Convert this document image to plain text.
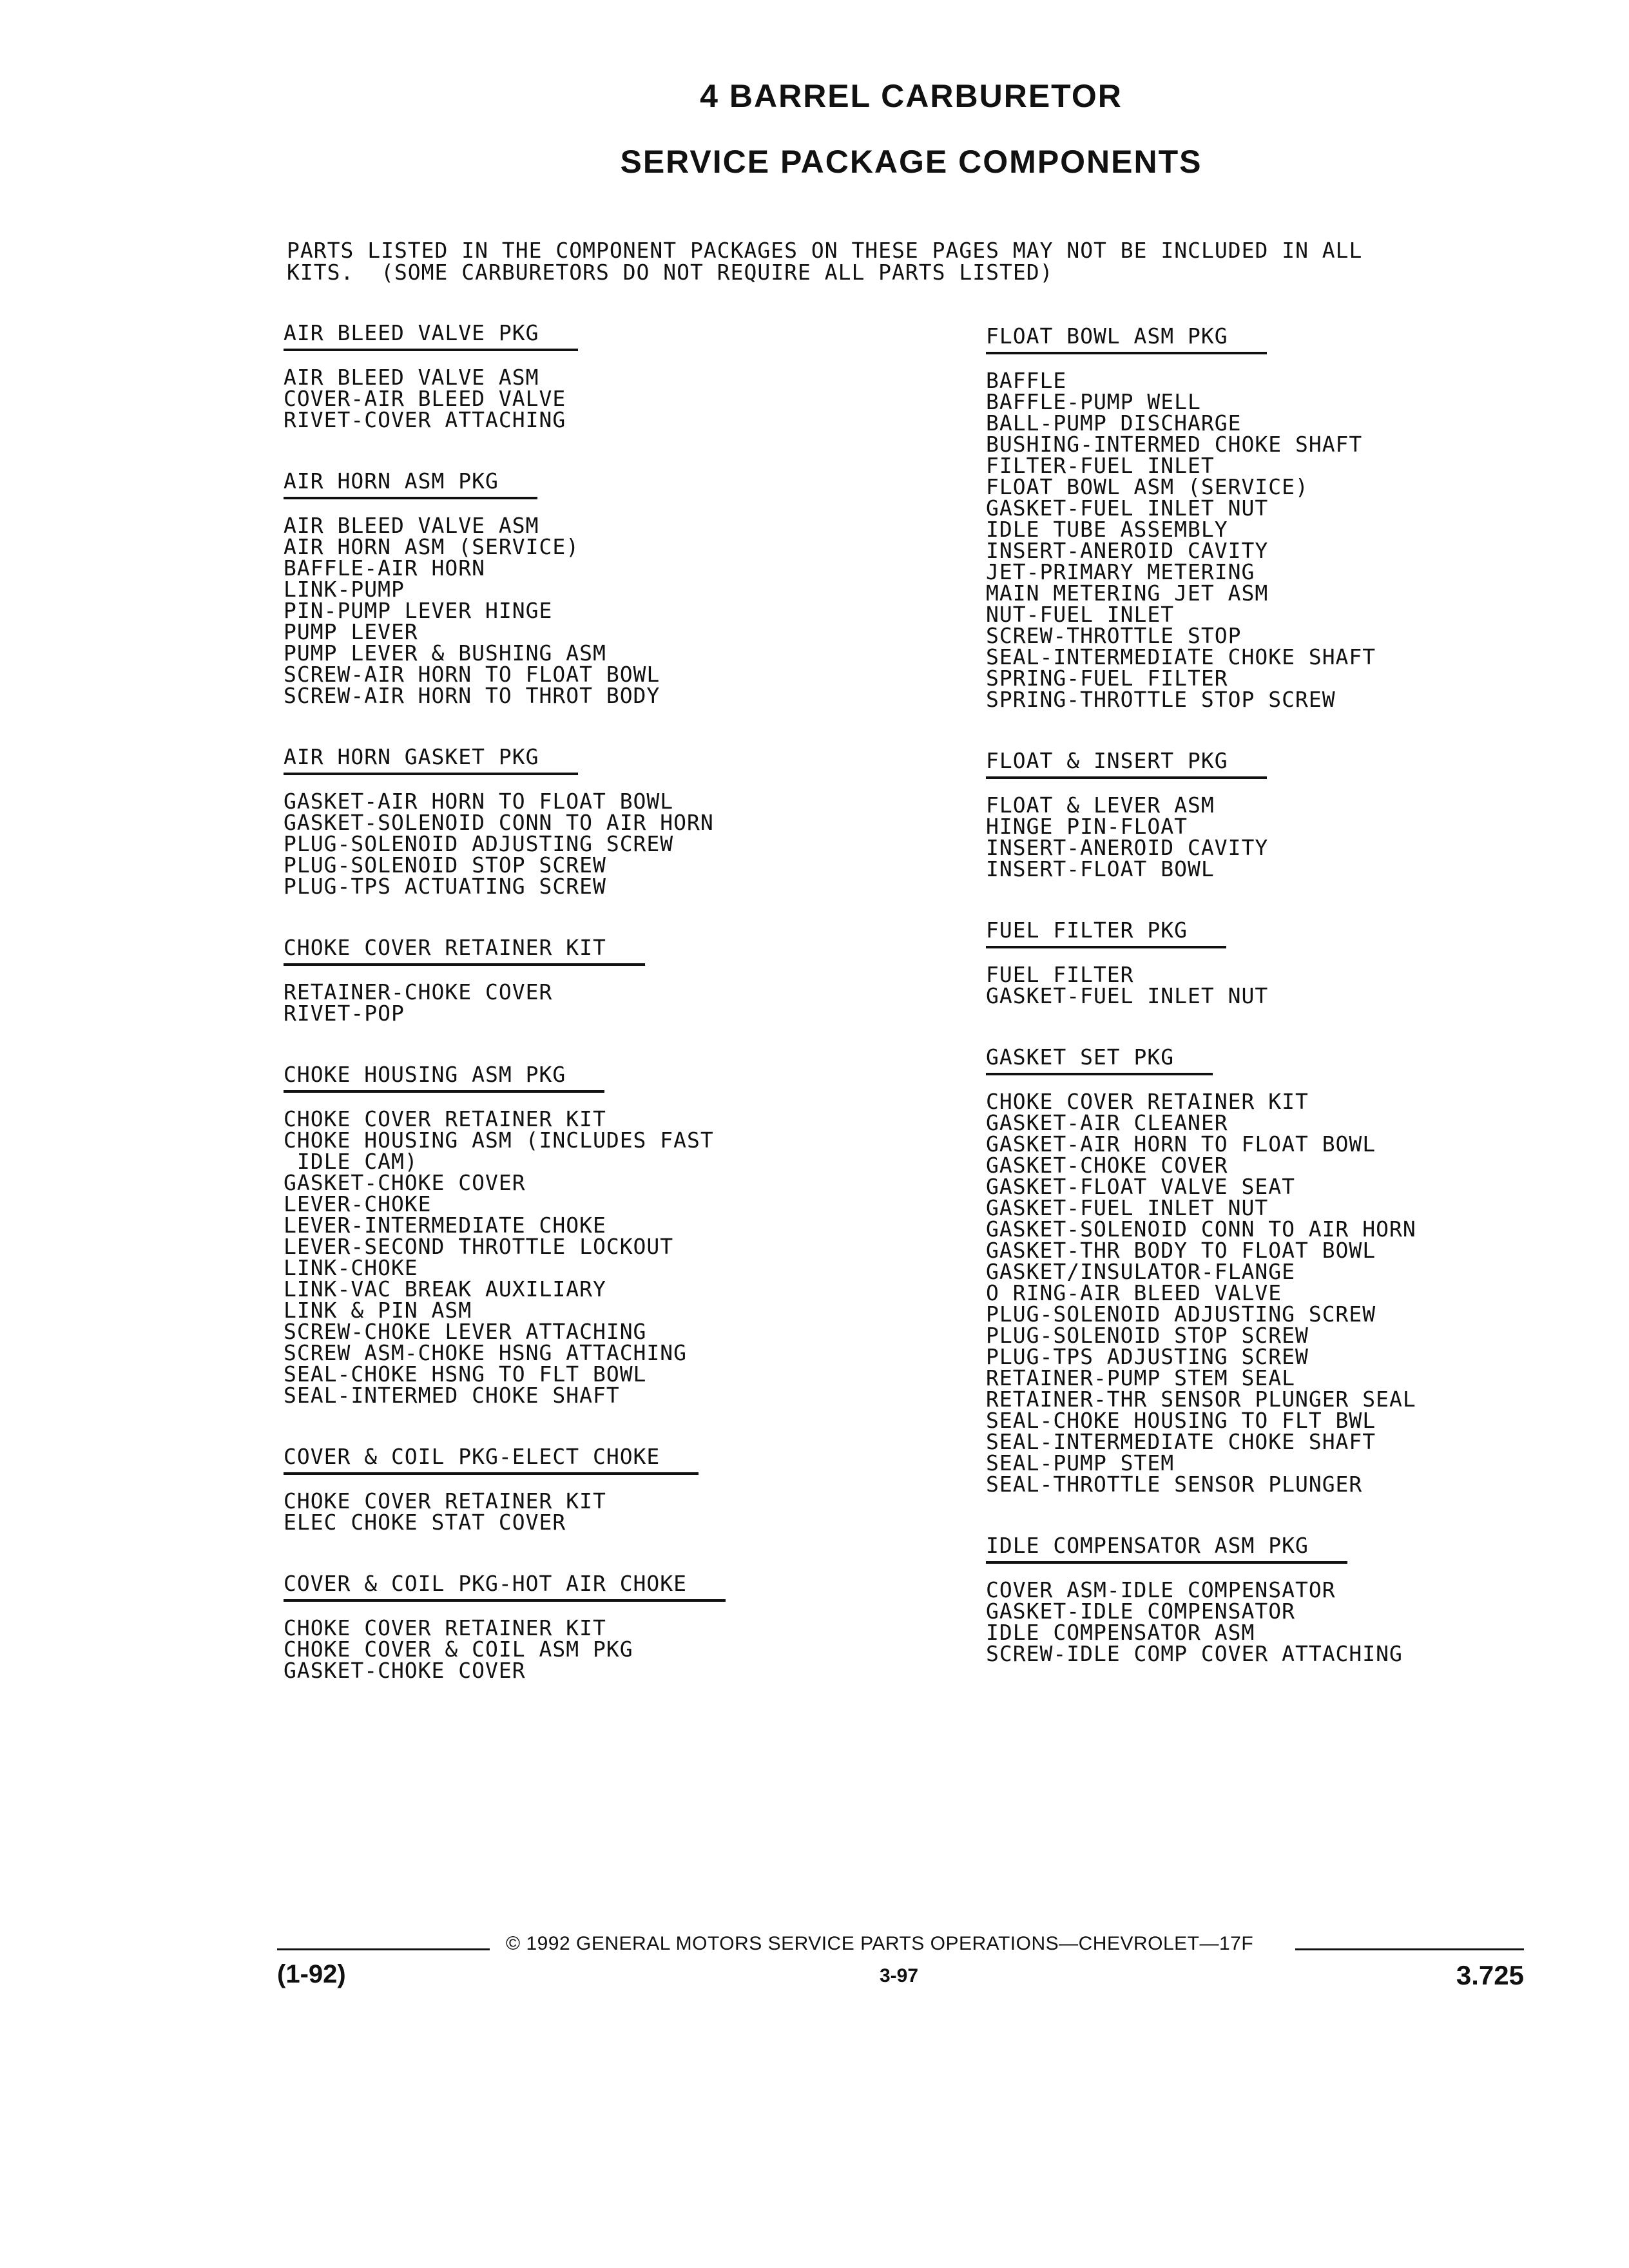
4 BARREL CARBURETOR
SERVICE PACKAGE COMPONENTS
PARTS LISTED IN THE COMPONENT PACKAGES ON THESE PAGES MAY NOT BE INCLUDED IN ALL
KITS.  (SOME CARBURETORS DO NOT REQUIRE ALL PARTS LISTED)
AIR BLEED VALVE PKG
AIR BLEED VALVE ASM
COVER-AIR BLEED VALVE
RIVET-COVER ATTACHING
AIR HORN ASM PKG
AIR BLEED VALVE ASM
AIR HORN ASM (SERVICE)
BAFFLE-AIR HORN
LINK-PUMP
PIN-PUMP LEVER HINGE
PUMP LEVER
PUMP LEVER & BUSHING ASM
SCREW-AIR HORN TO FLOAT BOWL
SCREW-AIR HORN TO THROT BODY
AIR HORN GASKET PKG
GASKET-AIR HORN TO FLOAT BOWL
GASKET-SOLENOID CONN TO AIR HORN
PLUG-SOLENOID ADJUSTING SCREW
PLUG-SOLENOID STOP SCREW
PLUG-TPS ACTUATING SCREW
CHOKE COVER RETAINER KIT
RETAINER-CHOKE COVER
RIVET-POP
CHOKE HOUSING ASM PKG
CHOKE COVER RETAINER KIT
CHOKE HOUSING ASM (INCLUDES FAST
IDLE CAM)
GASKET-CHOKE COVER
LEVER-CHOKE
LEVER-INTERMEDIATE CHOKE
LEVER-SECOND THROTTLE LOCKOUT
LINK-CHOKE
LINK-VAC BREAK AUXILIARY
LINK & PIN ASM
SCREW-CHOKE LEVER ATTACHING
SCREW ASM-CHOKE HSNG ATTACHING
SEAL-CHOKE HSNG TO FLT BOWL
SEAL-INTERMED CHOKE SHAFT
COVER & COIL PKG-ELECT CHOKE
CHOKE COVER RETAINER KIT
ELEC CHOKE STAT COVER
COVER & COIL PKG-HOT AIR CHOKE
CHOKE COVER RETAINER KIT
CHOKE COVER & COIL ASM PKG
GASKET-CHOKE COVER
FLOAT BOWL ASM PKG
BAFFLE
BAFFLE-PUMP WELL
BALL-PUMP DISCHARGE
BUSHING-INTERMED CHOKE SHAFT
FILTER-FUEL INLET
FLOAT BOWL ASM (SERVICE)
GASKET-FUEL INLET NUT
IDLE TUBE ASSEMBLY
INSERT-ANEROID CAVITY
JET-PRIMARY METERING
MAIN METERING JET ASM
NUT-FUEL INLET
SCREW-THROTTLE STOP
SEAL-INTERMEDIATE CHOKE SHAFT
SPRING-FUEL FILTER
SPRING-THROTTLE STOP SCREW
FLOAT & INSERT PKG
FLOAT & LEVER ASM
HINGE PIN-FLOAT
INSERT-ANEROID CAVITY
INSERT-FLOAT BOWL
FUEL FILTER PKG
FUEL FILTER
GASKET-FUEL INLET NUT
GASKET SET PKG
CHOKE COVER RETAINER KIT
GASKET-AIR CLEANER
GASKET-AIR HORN TO FLOAT BOWL
GASKET-CHOKE COVER
GASKET-FLOAT VALVE SEAT
GASKET-FUEL INLET NUT
GASKET-SOLENOID CONN TO AIR HORN
GASKET-THR BODY TO FLOAT BOWL
GASKET/INSULATOR-FLANGE
O RING-AIR BLEED VALVE
PLUG-SOLENOID ADJUSTING SCREW
PLUG-SOLENOID STOP SCREW
PLUG-TPS ADJUSTING SCREW
RETAINER-PUMP STEM SEAL
RETAINER-THR SENSOR PLUNGER SEAL
SEAL-CHOKE HOUSING TO FLT BWL
SEAL-INTERMEDIATE CHOKE SHAFT
SEAL-PUMP STEM
SEAL-THROTTLE SENSOR PLUNGER
IDLE COMPENSATOR ASM PKG
COVER ASM-IDLE COMPENSATOR
GASKET-IDLE COMPENSATOR
IDLE COMPENSATOR ASM
SCREW-IDLE COMP COVER ATTACHING
© 1992 GENERAL MOTORS SERVICE PARTS OPERATIONS—CHEVROLET—17F
(1-92)	3-97	3.725
